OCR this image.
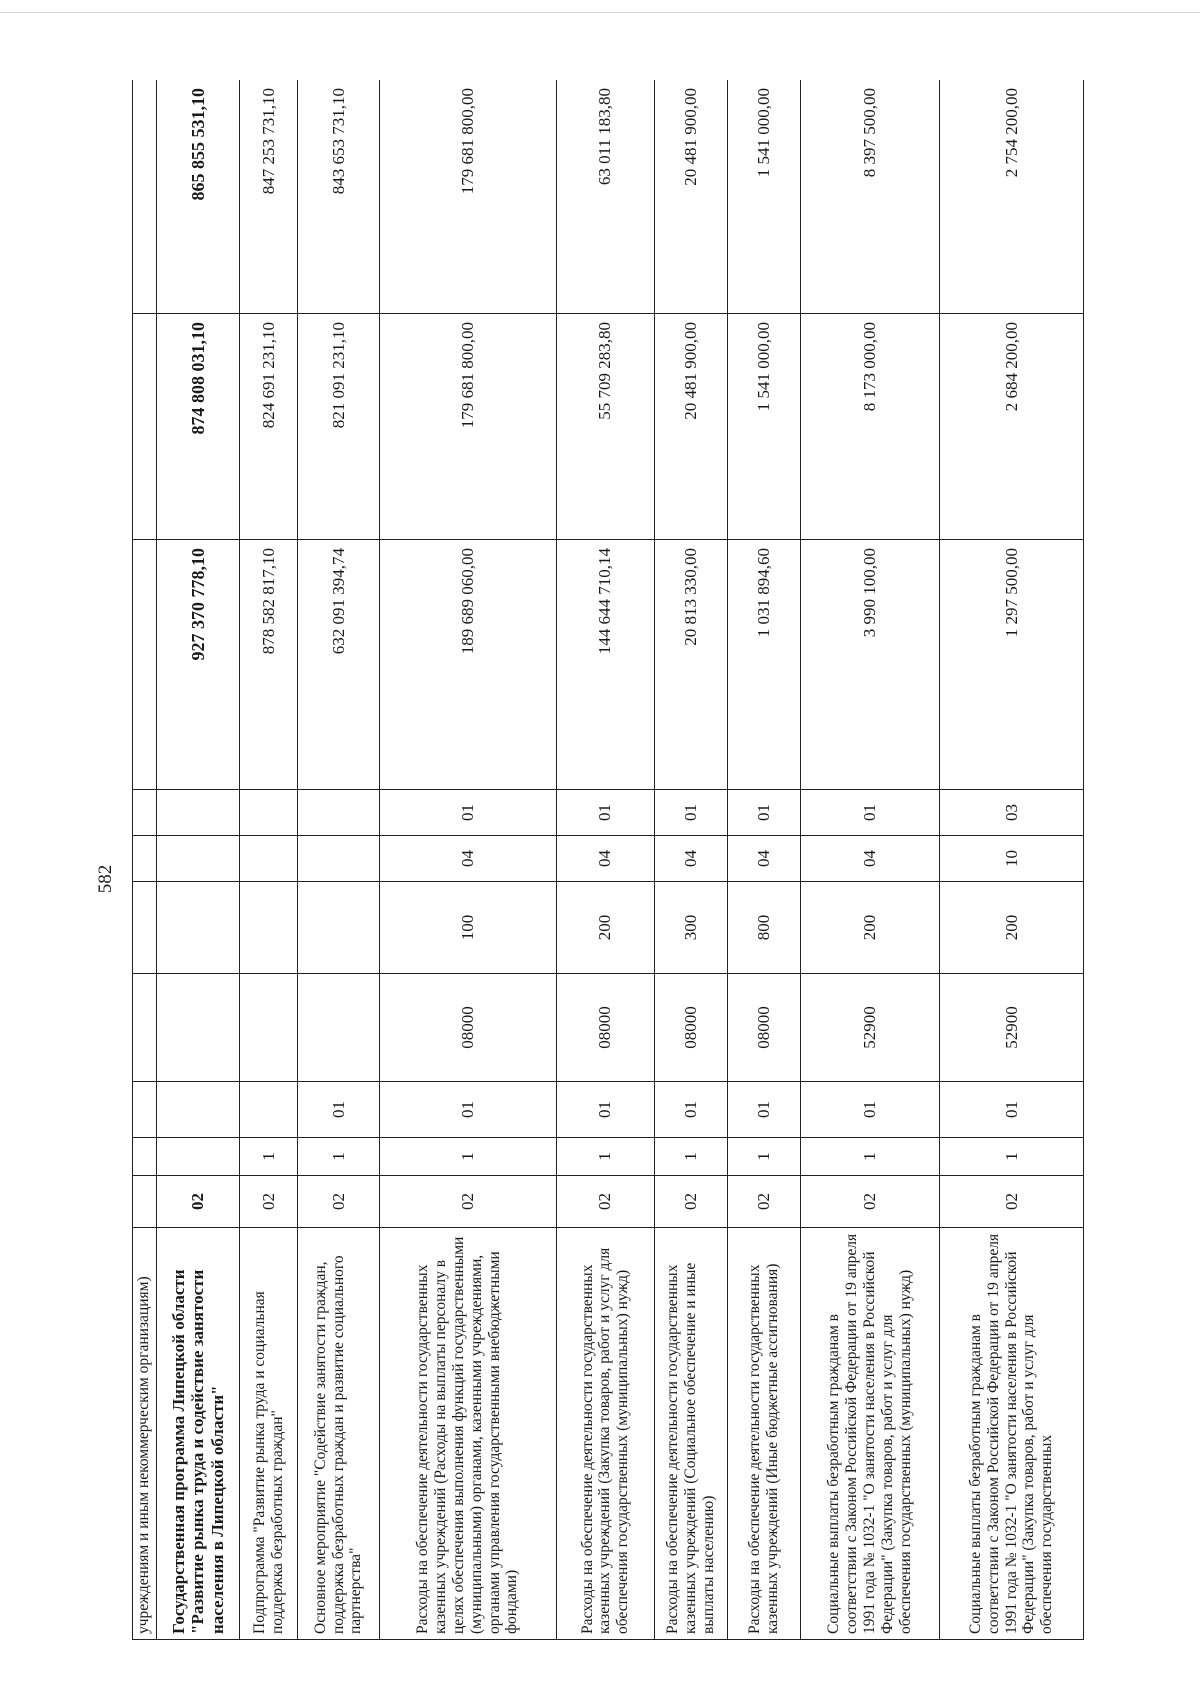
582
учреждениям и иным некоммерческим организациям)										
Государственная программа Липецкой области "Развитие рынка труда и содействие занятости населения в Липецкой области"	02							927 370 778,10	874 808 031,10	865 855 531,10
Подпрограмма "Развитие рынка труда и социальная поддержка безработных граждан"	02	1						878 582 817,10	824 691 231,10	847 253 731,10
Основное мероприятие "Содействие занятости граждан, поддержка безработных граждан и развитие социального партнерства"	02	1	01					632 091 394,74	821 091 231,10	843 653 731,10
Расходы на обеспечение деятельности государственных казенных учреждений (Расходы на выплаты персоналу в целях обеспечения выполнения функций государственными (муниципальными) органами, казенными учреждениями, органами управления государственными внебюджетными фондами)	02	1	01	08000	100	04	01	189 689 060,00	179 681 800,00	179 681 800,00
Расходы на обеспечение деятельности государственных казенных учреждений (Закупка товаров, работ и услуг для обеспечения государственных (муниципальных) нужд)	02	1	01	08000	200	04	01	144 644 710,14	55 709 283,80	63 011 183,80
Расходы на обеспечение деятельности государственных казенных учреждений (Социальное обеспечение и иные выплаты населению)	02	1	01	08000	300	04	01	20 813 330,00	20 481 900,00	20 481 900,00
Расходы на обеспечение деятельности государственных казенных учреждений (Иные бюджетные ассигнования)	02	1	01	08000	800	04	01	1 031 894,60	1 541 000,00	1 541 000,00
Социальные выплаты безработным гражданам в соответствии с Законом Российской Федерации от 19 апреля 1991 года № 1032-1 "О занятости населения в Российской Федерации" (Закупка товаров, работ и услуг для обеспечения государственных (муниципальных) нужд)	02	1	01	52900	200	04	01	3 990 100,00	8 173 000,00	8 397 500,00
Социальные выплаты безработным гражданам в соответствии с Законом Российской Федерации от 19 апреля 1991 года № 1032-1 "О занятости населения в Российской Федерации" (Закупка товаров, работ и услуг для обеспечения государственных	02	1	01	52900	200	10	03	1 297 500,00	2 684 200,00	2 754 200,00
